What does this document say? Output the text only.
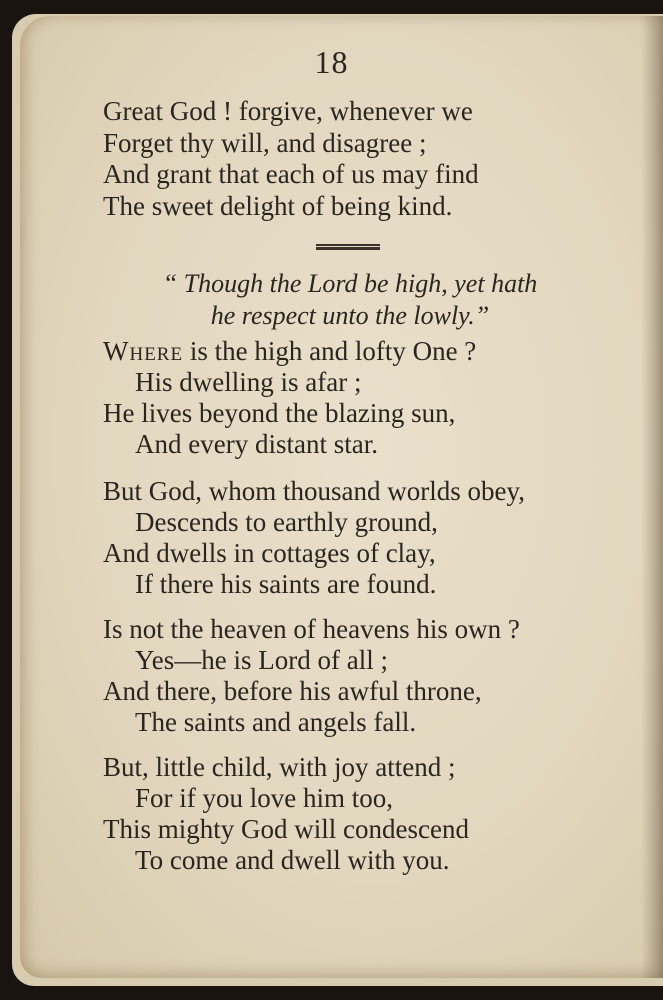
18
Great God ! forgive, whenever we
Forget thy will, and disagree ;
And grant that each of us may find
The sweet delight of being kind.
“ Though the Lord be high, yet hath
he respect unto the lowly.”
Where is the high and lofty One ?
His dwelling is afar ;
He lives beyond the blazing sun,
And every distant star.
But God, whom thousand worlds obey,
Descends to earthly ground,
And dwells in cottages of clay,
If there his saints are found.
Is not the heaven of heavens his own ?
Yes—he is Lord of all ;
And there, before his awful throne,
The saints and angels fall.
But, little child, with joy attend ;
For if you love him too,
This mighty God will condescend
To come and dwell with you.
